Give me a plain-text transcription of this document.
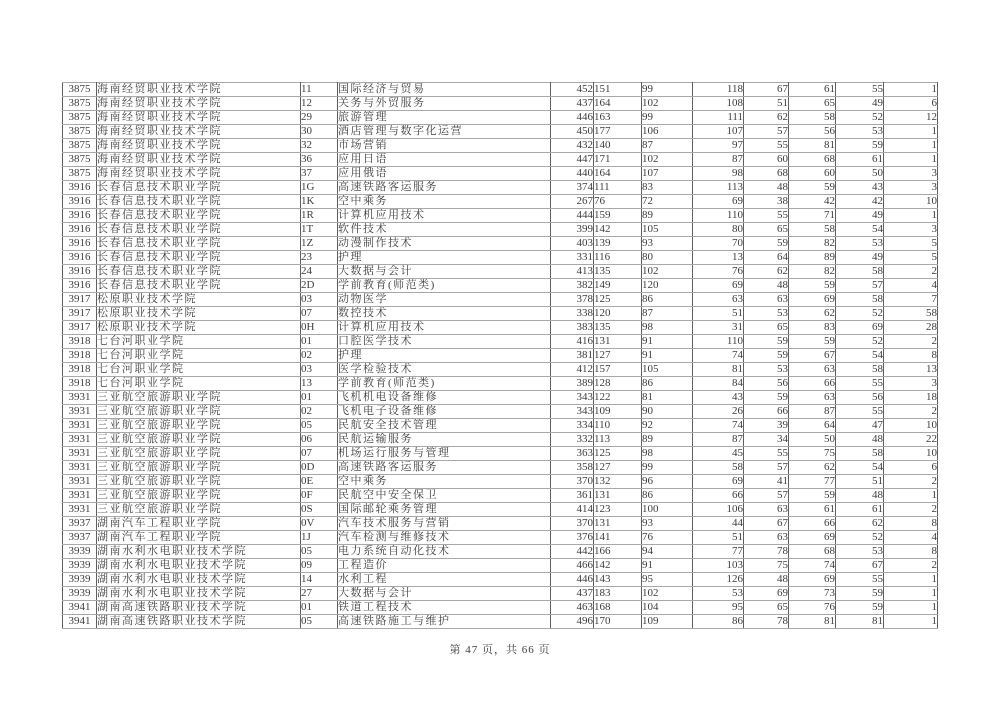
3875	海南经贸职业技术学院	11	国际经济与贸易	452	151	99	118	67	61	55	1
3875	海南经贸职业技术学院	12	关务与外贸服务	437	164	102	108	51	65	49	6
3875	海南经贸职业技术学院	29	旅游管理	446	163	99	111	62	58	52	12
3875	海南经贸职业技术学院	30	酒店管理与数字化运营	450	177	106	107	57	56	53	1
3875	海南经贸职业技术学院	32	市场营销	432	140	87	97	55	81	59	1
3875	海南经贸职业技术学院	36	应用日语	447	171	102	87	60	68	61	1
3875	海南经贸职业技术学院	37	应用俄语	440	164	107	98	68	60	50	3
3916	长春信息技术职业学院	1G	高速铁路客运服务	374	111	83	113	48	59	43	3
3916	长春信息技术职业学院	1K	空中乘务	267	76	72	69	38	42	42	10
3916	长春信息技术职业学院	1R	计算机应用技术	444	159	89	110	55	71	49	1
3916	长春信息技术职业学院	1T	软件技术	399	142	105	80	65	58	54	3
3916	长春信息技术职业学院	1Z	动漫制作技术	403	139	93	70	59	82	53	5
3916	长春信息技术职业学院	23	护理	331	116	80	13	64	89	49	5
3916	长春信息技术职业学院	24	大数据与会计	413	135	102	76	62	82	58	2
3916	长春信息技术职业学院	2D	学前教育(师范类)	382	149	120	69	48	59	57	4
3917	松原职业技术学院	03	动物医学	378	125	86	63	63	69	58	7
3917	松原职业技术学院	07	数控技术	338	120	87	51	53	62	52	58
3917	松原职业技术学院	0H	计算机应用技术	383	135	98	31	65	83	69	28
3918	七台河职业学院	01	口腔医学技术	416	131	91	110	59	59	52	2
3918	七台河职业学院	02	护理	381	127	91	74	59	67	54	8
3918	七台河职业学院	03	医学检验技术	412	157	105	81	53	63	58	13
3918	七台河职业学院	13	学前教育(师范类)	389	128	86	84	56	66	55	3
3931	三亚航空旅游职业学院	01	飞机机电设备维修	343	122	81	43	59	63	56	18
3931	三亚航空旅游职业学院	02	飞机电子设备维修	343	109	90	26	66	87	55	2
3931	三亚航空旅游职业学院	05	民航安全技术管理	334	110	92	74	39	64	47	10
3931	三亚航空旅游职业学院	06	民航运输服务	332	113	89	87	34	50	48	22
3931	三亚航空旅游职业学院	07	机场运行服务与管理	363	125	98	45	55	75	58	10
3931	三亚航空旅游职业学院	0D	高速铁路客运服务	358	127	99	58	57	62	54	6
3931	三亚航空旅游职业学院	0E	空中乘务	370	132	96	69	41	77	51	2
3931	三亚航空旅游职业学院	0F	民航空中安全保卫	361	131	86	66	57	59	48	1
3931	三亚航空旅游职业学院	0S	国际邮轮乘务管理	414	123	100	106	63	61	61	2
3937	湖南汽车工程职业学院	0V	汽车技术服务与营销	370	131	93	44	67	66	62	8
3937	湖南汽车工程职业学院	1J	汽车检测与维修技术	376	141	76	51	63	69	52	4
3939	湖南水利水电职业技术学院	05	电力系统自动化技术	442	166	94	77	78	68	53	8
3939	湖南水利水电职业技术学院	09	工程造价	466	142	91	103	75	74	67	2
3939	湖南水利水电职业技术学院	14	水利工程	446	143	95	126	48	69	55	1
3939	湖南水利水电职业技术学院	27	大数据与会计	437	183	102	53	69	73	59	1
3941	湖南高速铁路职业技术学院	01	铁道工程技术	463	168	104	95	65	76	59	1
3941	湖南高速铁路职业技术学院	05	高速铁路施工与维护	496	170	109	86	78	81	81	1
第 47 页，共 66 页
